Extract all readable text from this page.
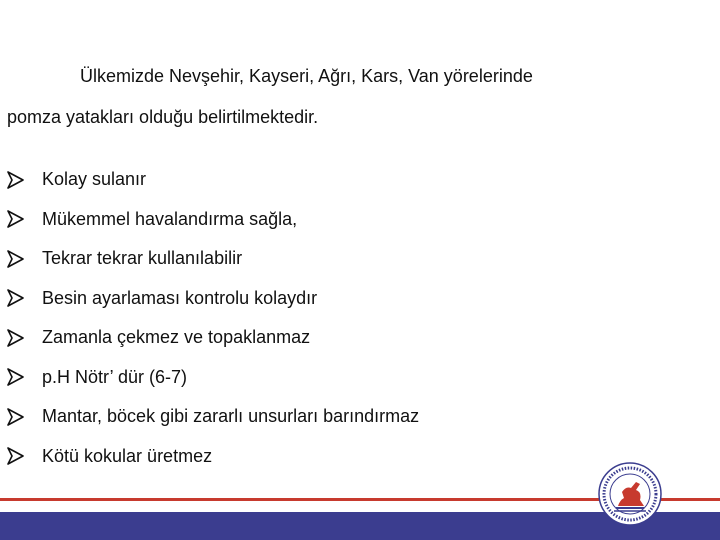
Ülkemizde Nevşehir, Kayseri, Ağrı, Kars, Van yörelerinde
pomza yatakları olduğu belirtilmektedir.
Kolay sulanır
Mükemmel havalandırma sağla,
Tekrar tekrar kullanılabilir
Besin ayarlaması kontrolu kolaydır
Zamanla çekmez ve topaklanmaz
p.H Nötr’ dür (6-7)
Mantar, böcek gibi zararlı unsurları barındırmaz
Kötü kokular üretmez
